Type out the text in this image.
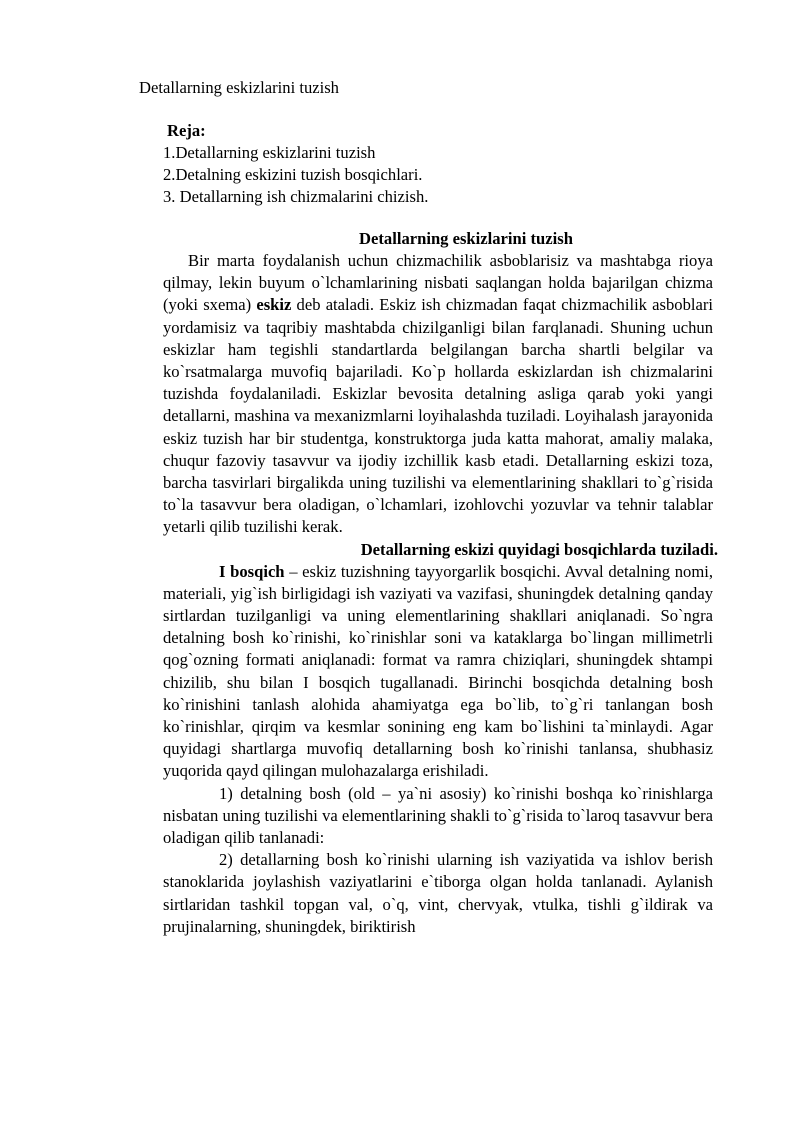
Detallarning eskizlarini tuzish
Reja:
1.Detallarning eskizlarini tuzish
2.Detalning eskizini tuzish bosqichlari.
3. Detallarning ish chizmalarini chizish.
Detallarning eskizlarini tuzish

Bir marta foydalanish uchun chizmachilik asboblarisiz va mashtabga rioya qilmay, lekin buyum o`lchamlarining nisbati saqlangan holda bajarilgan chizma (yoki sxema) eskiz deb ataladi. Eskiz ish chizmadan faqat chizmachilik asboblari yordamisiz va taqribiy mashtabda chizilganligi bilan farqlanadi. Shuning uchun eskizlar ham tegishli standartlarda belgilangan barcha shartli belgilar va ko`rsatmalarga muvofiq bajariladi. Ko`p hollarda eskizlardan ish chizmalarini tuzishda foydalaniladi. Eskizlar bevosita detalning asliga qarab yoki yangi detallarni, mashina va mexanizmlarni loyihalashda tuziladi. Loyihalash jarayonida eskiz tuzish har bir studentga, konstruktorga juda katta mahorat, amaliy malaka, chuqur fazoviy tasavvur va ijodiy izchillik kasb etadi. Detallarning eskizi toza, barcha tasvirlari birgalikda uning tuzilishi va elementlarining shakllari to`g`risida to`la tasavvur bera oladigan, o`lchamlari, izohlovchi yozuvlar va tehnir talablar yetarli qilib tuzilishi kerak.

Detallarning eskizi quyidagi bosqichlarda tuziladi.

I bosqich – eskiz tuzishning tayyorgarlik bosqichi. Avval detalning nomi, materiali, yig`ish birligidagi ish vaziyati va vazifasi, shuningdek detalning qanday sirtlardan tuzilganligi va uning elementlarining shakllari aniqlanadi. So`ngra detalning bosh ko`rinishi, ko`rinishlar soni va kataklarga bo`lingan millimetrli qog`ozning formati aniqlanadi: format va ramra chiziqlari, shuningdek shtampi chizilib, shu bilan I bosqich tugallanadi. Birinchi bosqichda detalning bosh ko`rinishini tanlash alohida ahamiyatga ega bo`lib, to`g`ri tanlangan bosh ko`rinishlar, qirqim va kesmlar sonining eng kam bo`lishini ta`minlaydi. Agar quyidagi shartlarga muvofiq detallarning bosh ko`rinishi tanlansa, shubhasiz yuqorida qayd qilingan mulohazalarga erishiladi.

1) detalning bosh (old – ya`ni asosiy) ko`rinishi boshqa ko`rinishlarga nisbatan uning tuzilishi va elementlarining shakli to`g`risida to`laroq tasavvur bera oladigan qilib tanlanadi:

2) detallarning bosh ko`rinishi ularning ish vaziyatida va ishlov berish stanoklarida joylashish vaziyatlarini e`tiborga olgan holda tanlanadi. Aylanish sirtlaridan tashkil topgan val, o`q, vint, chervyak, vtulka, tishli g`ildirak va prujinalarning, shuningdek, biriktirish
